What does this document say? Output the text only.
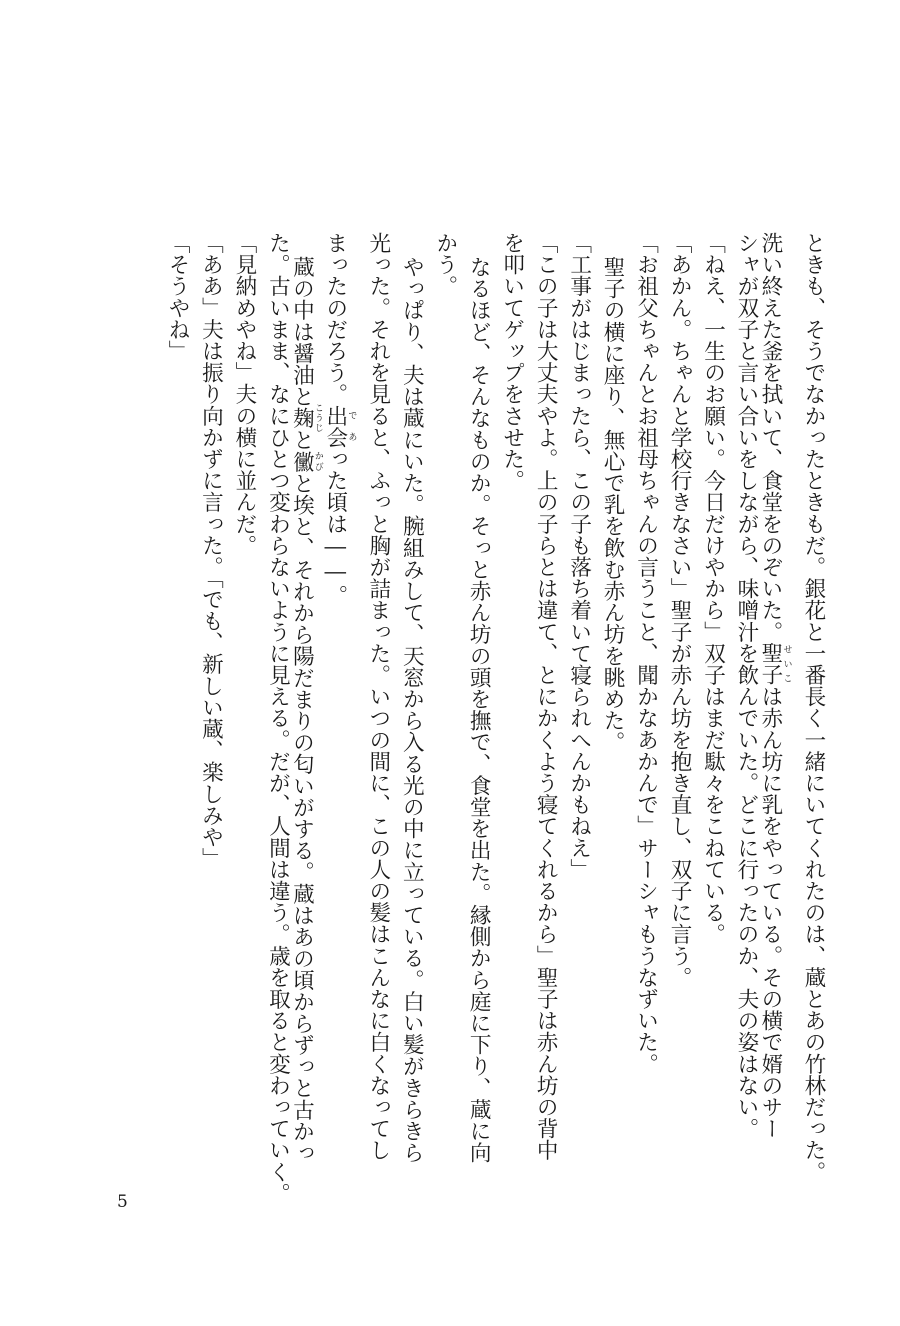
ときも、そうでなかったときもだ。銀花と一番長く一緒にいてくれたのは、蔵とあの竹林だった。
洗い終えた釜を拭いて、食堂をのぞいた。聖子せいこは赤ん坊に乳をやっている。その横で婿のサー
シャが双子と言い合いをしながら、味噌汁を飲んでいた。どこに行ったのか、夫の姿はない。
「ねえ、一生のお願い。今日だけやから」双子はまだ駄々をこねている。
「あかん。ちゃんと学校行きなさい」聖子が赤ん坊を抱き直し、双子に言う。
「お祖父ちゃんとお祖母ちゃんの言うこと、聞かなあかんで」サーシャもうなずいた。
聖子の横に座り、無心で乳を飲む赤ん坊を眺めた。
「工事がはじまったら、この子も落ち着いて寝られへんかもねえ」
「この子は大丈夫やよ。上の子らとは違て、とにかくよう寝てくれるから」聖子は赤ん坊の背中
を叩いてゲップをさせた。
なるほど、そんなものか。そっと赤ん坊の頭を撫で、食堂を出た。縁側から庭に下り、蔵に向
かう。
やっぱり、夫は蔵にいた。腕組みして、天窓から入る光の中に立っている。白い髪がきらきら
光った。それを見ると、ふっと胸が詰まった。いつの間に、この人の髪はこんなに白くなってし
まったのだろう。出会であった頃は――。
蔵の中は醤油と麹こうじと黴かびと埃と、それから陽だまりの匂いがする。蔵はあの頃からずっと古かっ
た。古いまま、なにひとつ変わらないように見える。だが、人間は違う。歳を取ると変わっていく。
「見納めやね」夫の横に並んだ。
「ああ」夫は振り向かずに言った。「でも、新しい蔵、楽しみや」
「そうやね」
5
